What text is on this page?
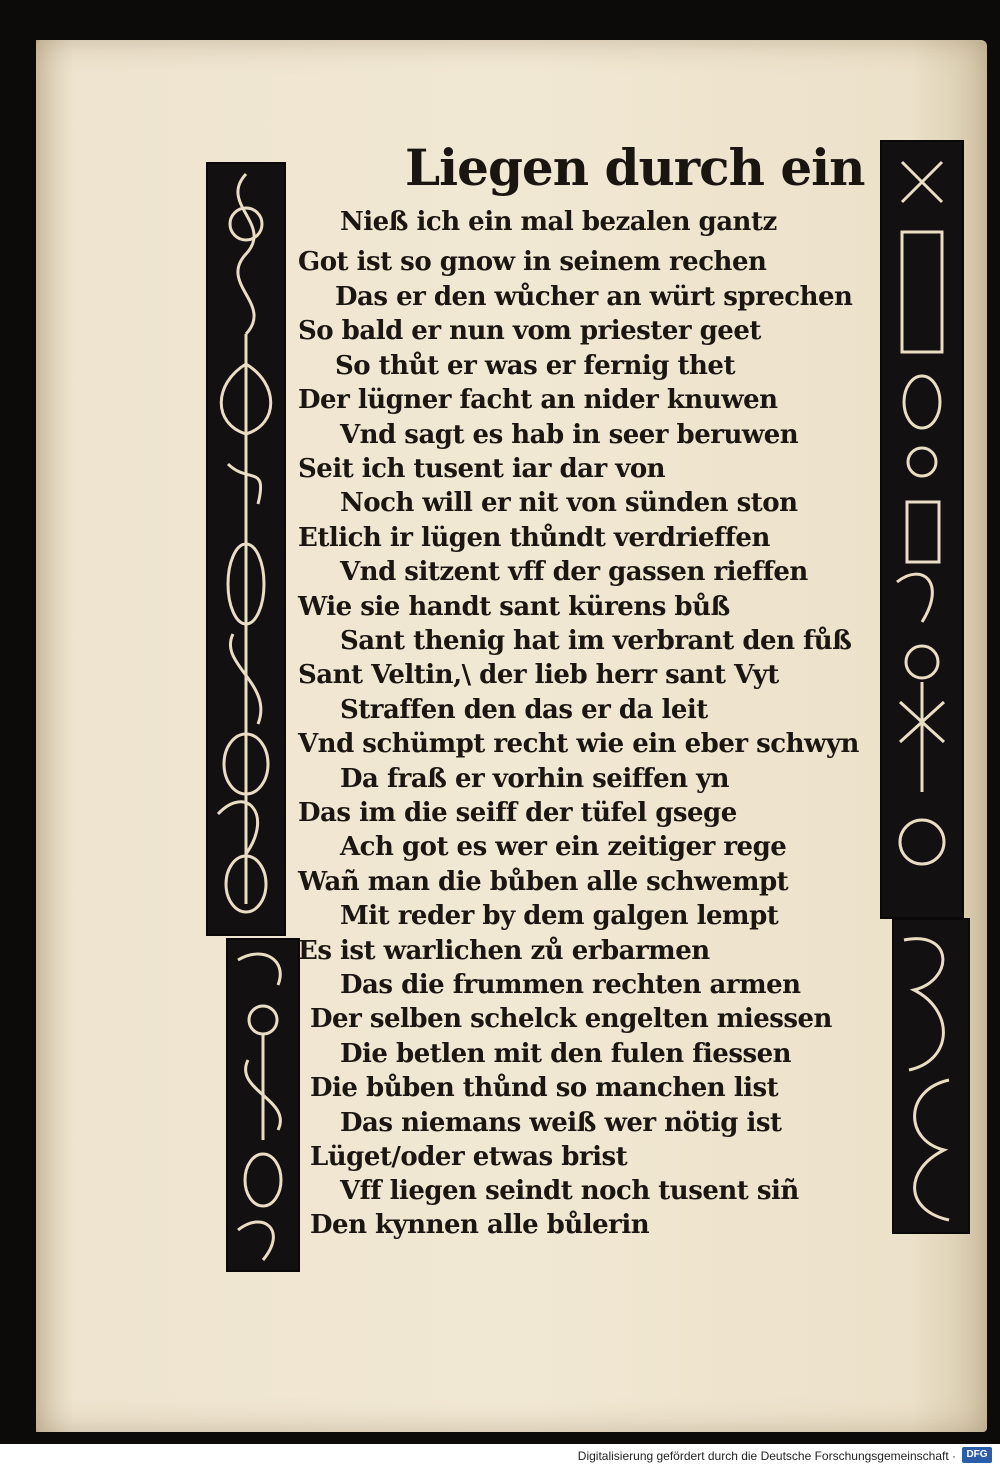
Liegen durch ein
Nieß ich ein mal bezalen gantz
Got ist so gnow in seinem rechen
Das er den wůcher an würt sprechen
So bald er nun vom priester geet
So thůt er was er fernig thet
Der lügner facht an nider knuwen
Vnd sagt es hab in seer beruwen
Seit ich tusent iar dar von
Noch will er nit von sünden ston
Etlich ir lügen thůndt verdrieffen
Vnd sitzent vff der gassen rieffen
Wie sie handt sant kürens bůß
Sant thenig hat im verbrant den fůß
Sant Veltin,\ der lieb herr sant Vyt
Straffen den das er da leit
Vnd schümpt recht wie ein eber schwyn
Da fraß er vorhin seiffen yn
Das im die seiff der tüfel gsege
Ach got es wer ein zeitiger rege
Wañ man die bůben alle schwempt
Mit reder by dem galgen lempt
Es ist warlichen zů erbarmen
Das die frummen rechten armen
Der selben schelck engelten miessen
Die betlen mit den fulen fiessen
Die bůben thůnd so manchen list
Das niemans weiß wer nötig ist
Lüget/oder etwas brist
Vff liegen seindt noch tusent siñ
Den kynnen alle bůlerin
Digitalisierung gefördert durch die Deutsche Forschungsgemeinschaft ·	DFG
